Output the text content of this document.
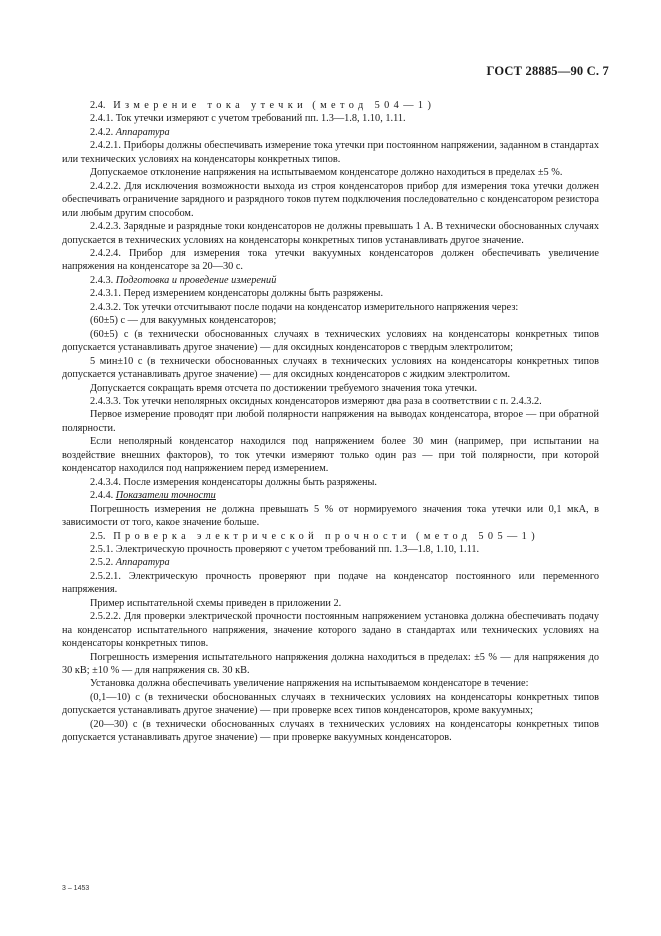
ГОСТ 28885—90 С. 7

2.4. Измерение тока утечки (метод 504—1)

2.4.1. Ток утечки измеряют с учетом требований пп. 1.3—1.8, 1.10, 1.11.

2.4.2. Аппаратура

2.4.2.1. Приборы должны обеспечивать измерение тока утечки при постоянном напряжении, заданном в стандартах или технических условиях на конденсаторы конкретных типов.

Допускаемое отклонение напряжения на испытываемом конденсаторе должно находиться в пределах ±5 %.

2.4.2.2. Для исключения возможности выхода из строя конденсаторов прибор для измерения тока утечки должен обеспечивать ограничение зарядного и разрядного токов путем подключения последовательно с конденсатором резистора или любым другим способом.

2.4.2.3. Зарядные и разрядные токи конденсаторов не должны превышать 1 А. В технически обоснованных случаях допускается в технических условиях на конденсаторы конкретных типов устанавливать другое значение.

2.4.2.4. Прибор для измерения тока утечки вакуумных конденсаторов должен обеспечивать увеличение напряжения на конденсаторе за 20—30 с.

2.4.3. Подготовка и проведение измерений

2.4.3.1. Перед измерением конденсаторы должны быть разряжены.

2.4.3.2. Ток утечки отсчитывают после подачи на конденсатор измерительного напряжения через:

(60±5) с — для вакуумных конденсаторов;

(60±5) с (в технически обоснованных случаях в технических условиях на конденсаторы конкретных типов допускается устанавливать другое значение) — для оксидных конденсаторов с твердым электролитом;

5 мин±10 с (в технически обоснованных случаях в технических условиях на конденсаторы конкретных типов допускается устанавливать другое значение) — для оксидных конденсаторов с жидким электролитом.

Допускается сокращать время отсчета по достижении требуемого значения тока утечки.

2.4.3.3. Ток утечки неполярных оксидных конденсаторов измеряют два раза в соответствии с п. 2.4.3.2.

Первое измерение проводят при любой полярности напряжения на выводах конденсатора, второе — при обратной полярности.

Если неполярный конденсатор находился под напряжением более 30 мин (например, при испытании на воздействие внешних факторов), то ток утечки измеряют только один раз — при той полярности, при которой конденсатор находился под напряжением перед измерением.

2.4.3.4. После измерения конденсаторы должны быть разряжены.

2.4.4. Показатели точности

Погрешность измерения не должна превышать 5 % от нормируемого значения тока утечки или 0,1 мкА, в зависимости от того, какое значение больше.

2.5. Проверка электрической прочности (метод 505—1)

2.5.1. Электрическую прочность проверяют с учетом требований пп. 1.3—1.8, 1.10, 1.11.

2.5.2. Аппаратура

2.5.2.1. Электрическую прочность проверяют при подаче на конденсатор постоянного или переменного напряжения.

Пример испытательной схемы приведен в приложении 2.

2.5.2.2. Для проверки электрической прочности постоянным напряжением установка должна обеспечивать подачу на конденсатор испытательного напряжения, значение которого задано в стандартах или технических условиях на конденсаторы конкретных типов.

Погрешность измерения испытательного напряжения должна находиться в пределах: ±5 % — для напряжения до 30 кВ; ±10 % — для напряжения св. 30 кВ.

Установка должна обеспечивать увеличение напряжения на испытываемом конденсаторе в течение:

(0,1—10) с (в технически обоснованных случаях в технических условиях на конденсаторы конкретных типов допускается устанавливать другое значение) — при проверке всех типов конденсаторов, кроме вакуумных;

(20—30) с (в технически обоснованных случаях в технических условиях на конденсаторы конкретных типов допускается устанавливать другое значение) — при проверке вакуумных конденсаторов.

3 – 1453
